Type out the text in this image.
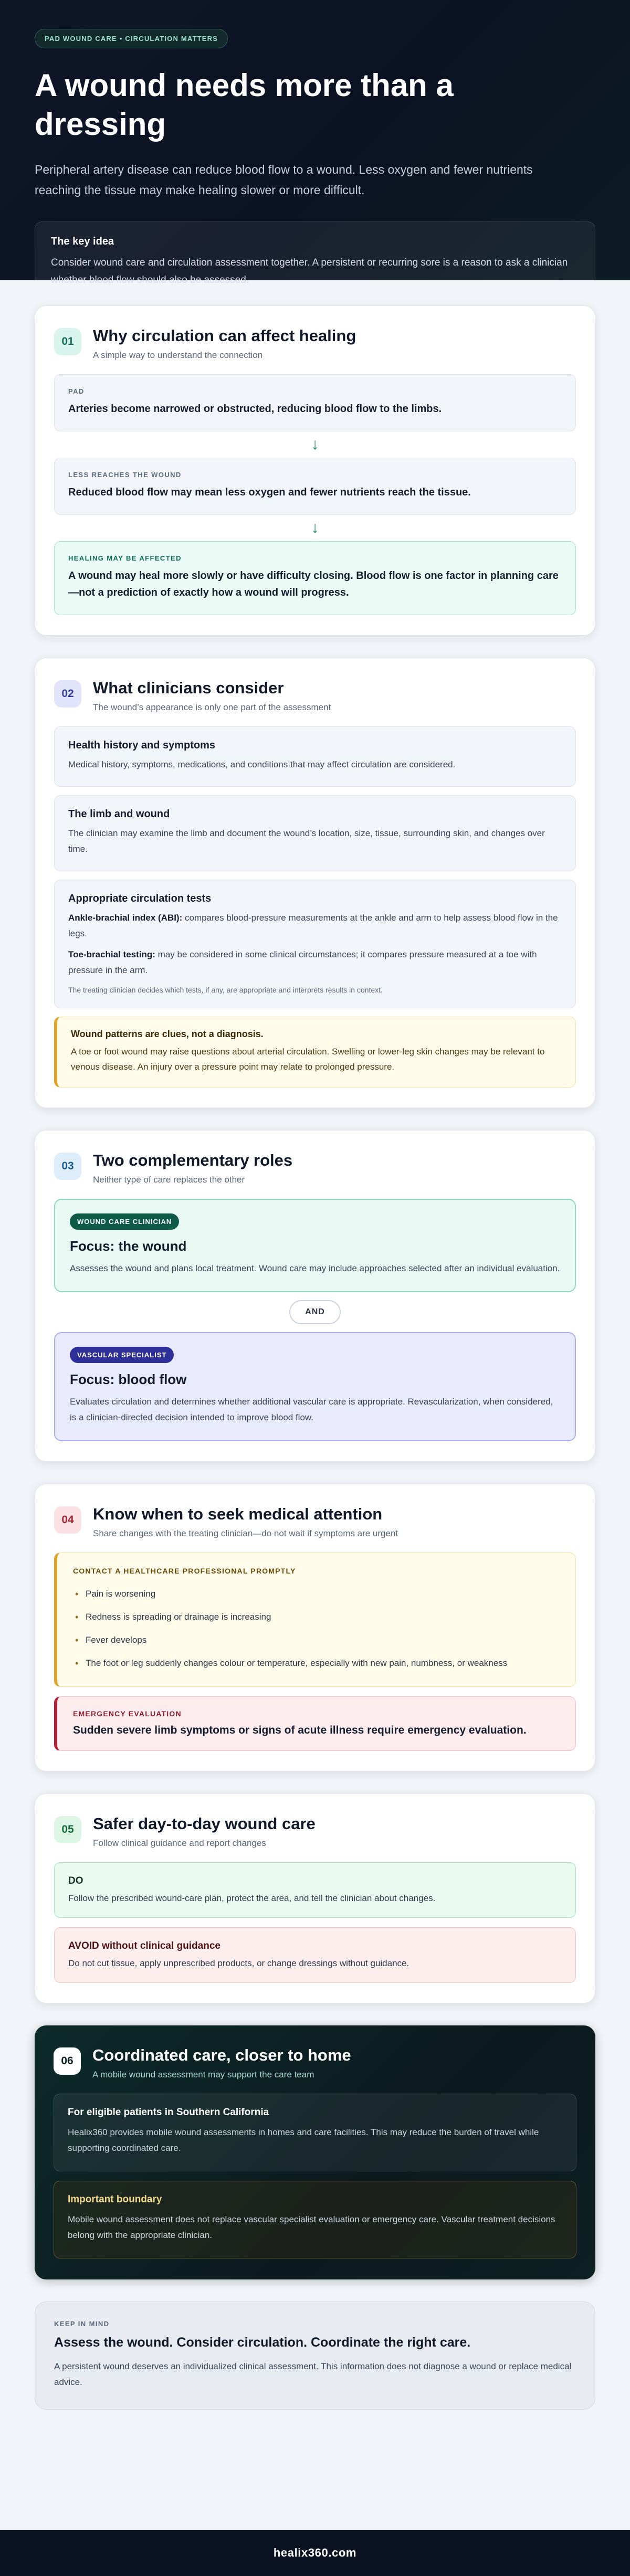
PAD WOUND CARE • CIRCULATION MATTERS
A wound needs more than a dressing

Peripheral artery disease can reduce blood flow to a wound. Less oxygen and fewer nutrients reaching the tissue may make healing slower or more difficult.

The key idea
Consider wound care and circulation assessment together. A persistent or recurring sore is a reason to ask a clinician whether blood flow should also be assessed.
01	Why circulation can affect healing
A simple way to understand the connection
PAD
Arteries become narrowed or obstructed, reducing blood flow to the limbs.
↓
LESS REACHES THE WOUND
Reduced blood flow may mean less oxygen and fewer nutrients reach the tissue.
↓
HEALING MAY BE AFFECTED
A wound may heal more slowly or have difficulty closing. Blood flow is one factor in planning care—not a prediction of exactly how a wound will progress.
02	What clinicians consider
The wound’s appearance is only one part of the assessment
Health history and symptoms
Medical history, symptoms, medications, and conditions that may affect circulation are considered.
The limb and wound
The clinician may examine the limb and document the wound’s location, size, tissue, surrounding skin, and changes over time.
Appropriate circulation tests
Ankle-brachial index (ABI): compares blood-pressure measurements at the ankle and arm to help assess blood flow in the legs.
Toe-brachial testing: may be considered in some clinical circumstances; it compares pressure measured at a toe with pressure in the arm.
The treating clinician decides which tests, if any, are appropriate and interprets results in context.
Wound patterns are clues, not a diagnosis.
A toe or foot wound may raise questions about arterial circulation. Swelling or lower-leg skin changes may be relevant to venous disease. An injury over a pressure point may relate to prolonged pressure.
03	Two complementary roles
Neither type of care replaces the other
WOUND CARE CLINICIAN
Focus: the wound
Assesses the wound and plans local treatment. Wound care may include approaches selected after an individual evaluation.
AND
VASCULAR SPECIALIST
Focus: blood flow
Evaluates circulation and determines whether additional vascular care is appropriate. Revascularization, when considered, is a clinician-directed decision intended to improve blood flow.
04	Know when to seek medical attention
Share changes with the treating clinician—do not wait if symptoms are urgent
CONTACT A HEALTHCARE PROFESSIONAL PROMPTLY
• Pain is worsening
• Redness is spreading or drainage is increasing
• Fever develops
• The foot or leg suddenly changes colour or temperature, especially with new pain, numbness, or weakness
EMERGENCY EVALUATION
Sudden severe limb symptoms or signs of acute illness require emergency evaluation.
05	Safer day-to-day wound care
Follow clinical guidance and report changes
DO
Follow the prescribed wound-care plan, protect the area, and tell the clinician about changes.
AVOID without clinical guidance
Do not cut tissue, apply unprescribed products, or change dressings without guidance.
06	Coordinated care, closer to home
A mobile wound assessment may support the care team
For eligible patients in Southern California
Healix360 provides mobile wound assessments in homes and care facilities. This may reduce the burden of travel while supporting coordinated care.
Important boundary
Mobile wound assessment does not replace vascular specialist evaluation or emergency care. Vascular treatment decisions belong with the appropriate clinician.
KEEP IN MIND
Assess the wound. Consider circulation. Coordinate the right care.
A persistent wound deserves an individualized clinical assessment. This information does not diagnose a wound or replace medical advice.
healix360.com
